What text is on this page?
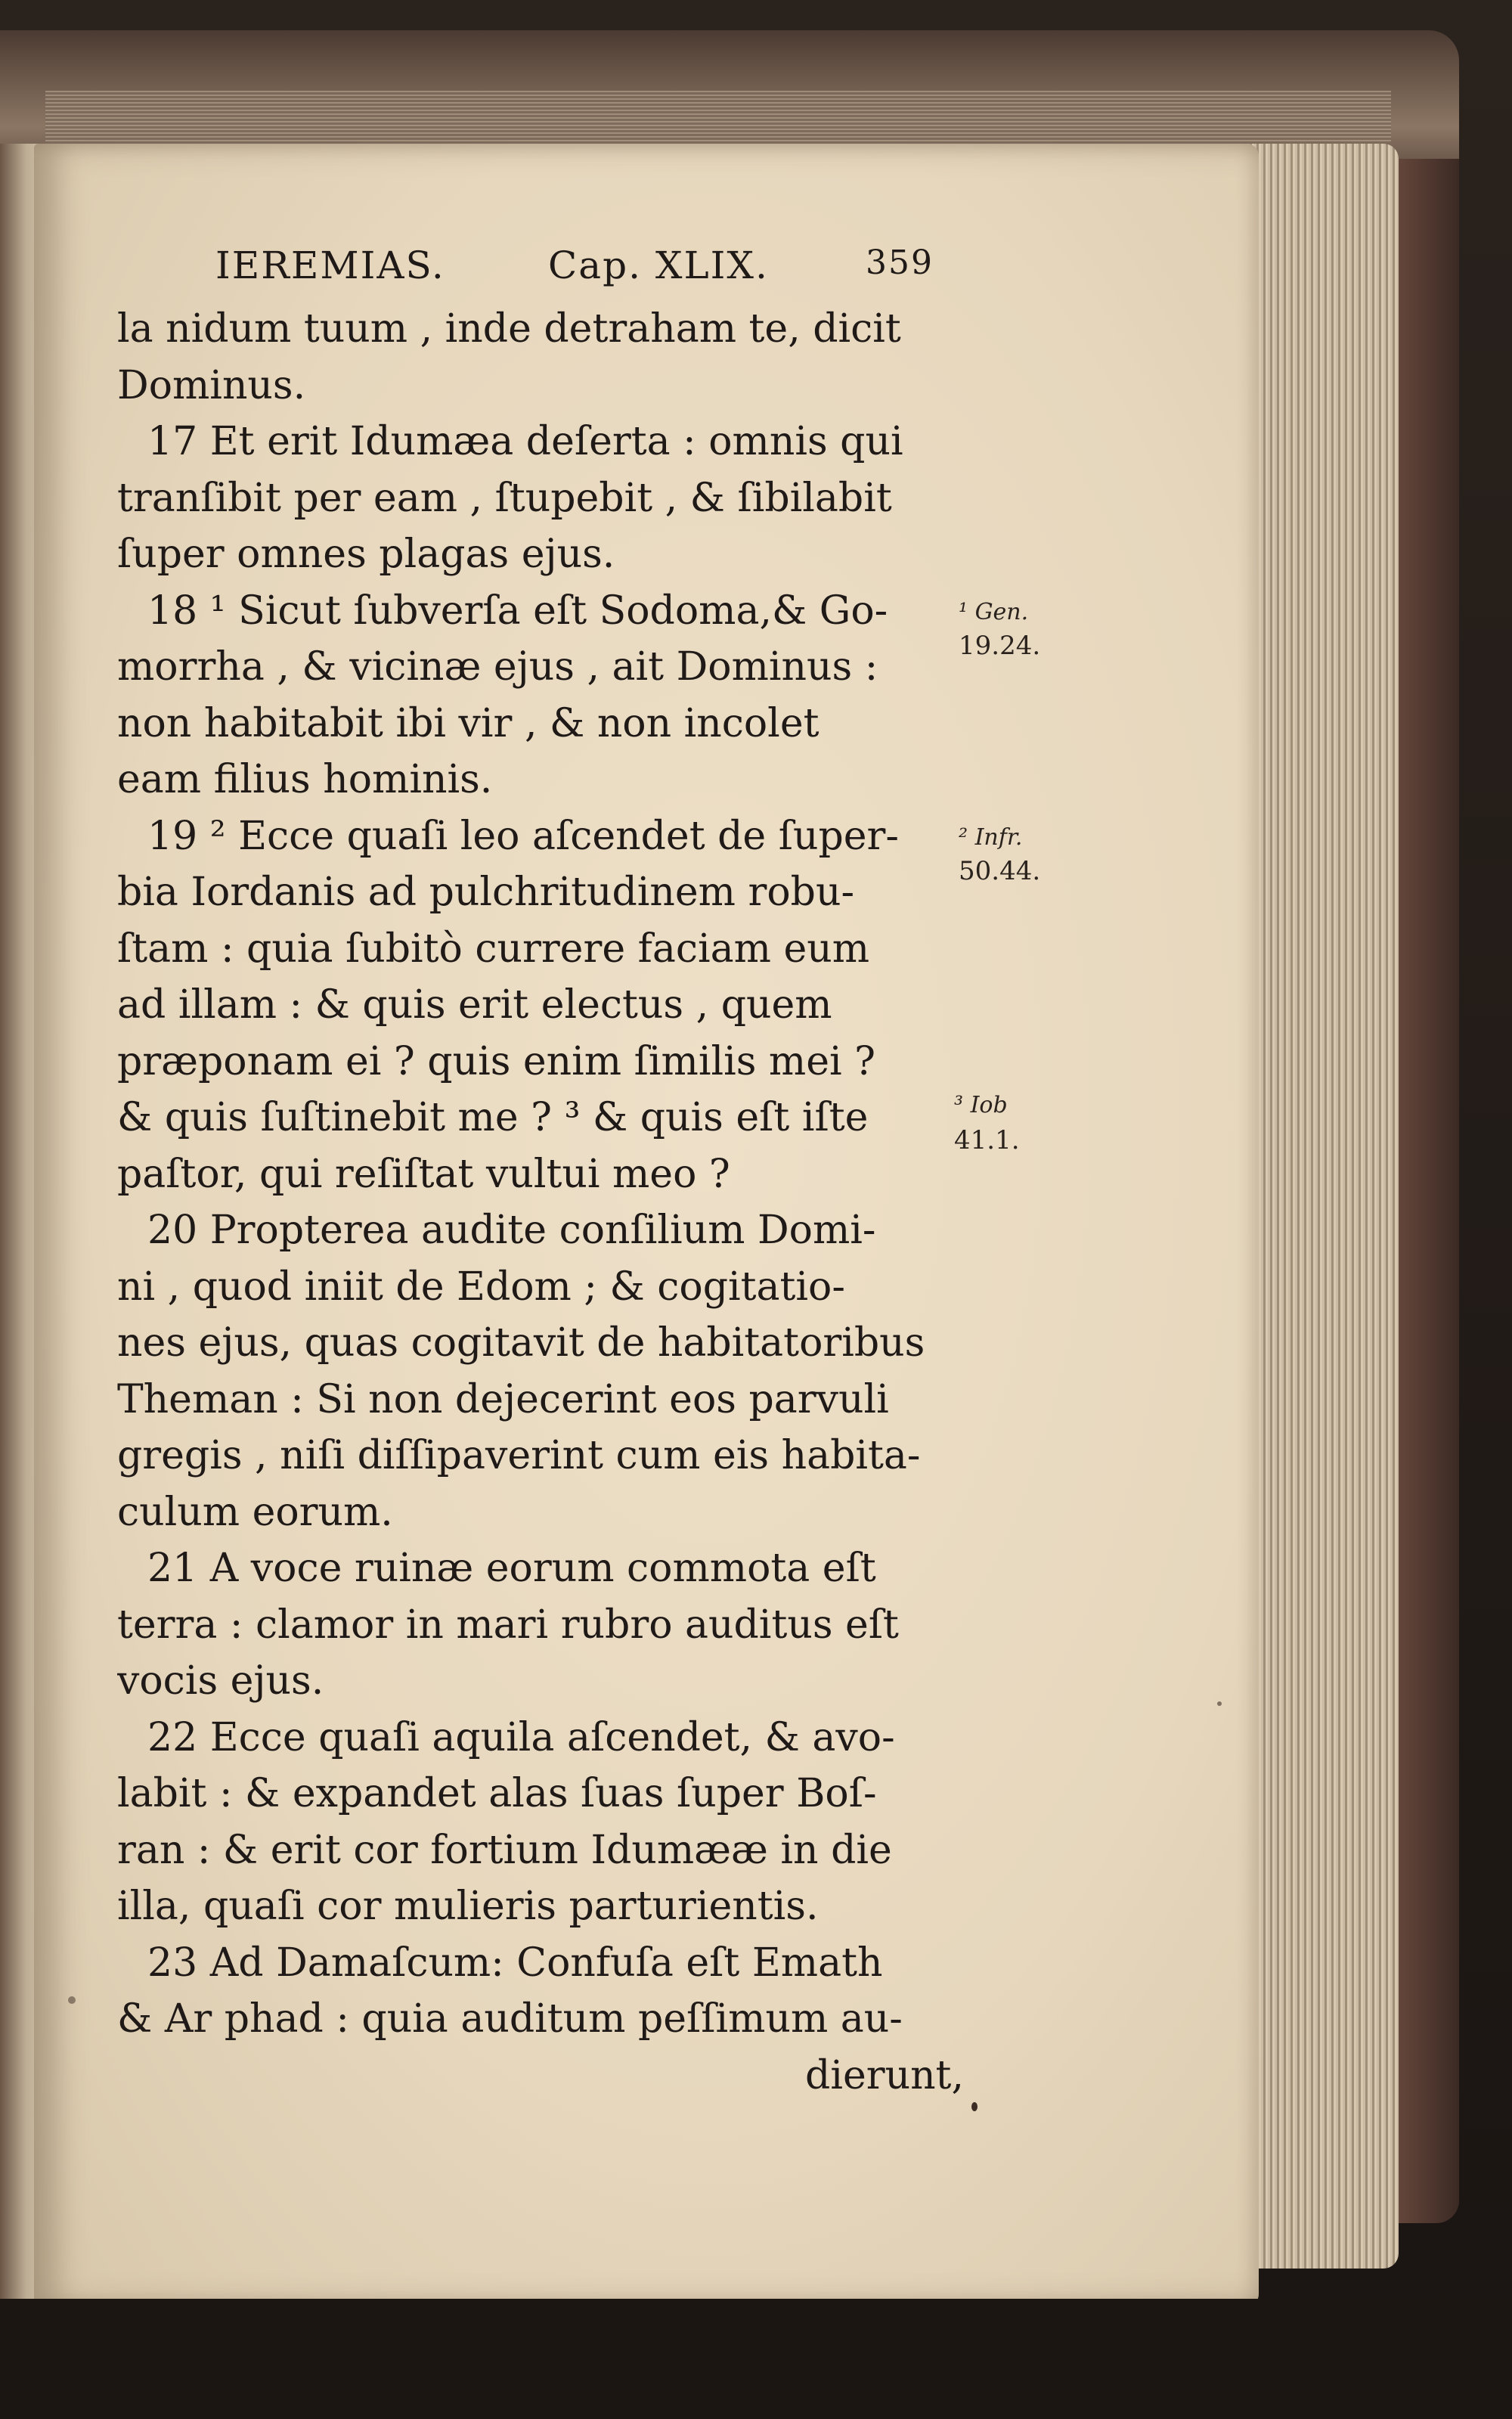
IEREMIAS.	Cap. XLIX.	359
la nidum tuum , inde detraham te, dicit
Dominus.
17 Et erit Idumæa deſerta : omnis qui
tranſibit per eam , ſtupebit , & ſibilabit
ſuper omnes plagas ejus.
18 ¹ Sicut ſubverſa eſt Sodoma,& Go-
morrha , & vicinæ ejus , ait Dominus :
non habitabit ibi vir , & non incolet
eam filius hominis.
19 ² Ecce quaſi leo aſcendet de ſuper-
bia Iordanis ad pulchritudinem robu-
ſtam : quia ſubitò currere faciam eum
ad illam : & quis erit electus , quem
præponam ei ? quis enim ſimilis mei ?
& quis ſuſtinebit me ? ³ & quis eſt iſte
paſtor, qui reſiſtat vultui meo ?
20 Propterea audite conſilium Domi-
ni , quod iniit de Edom ; & cogitatio-
nes ejus, quas cogitavit de habitatoribus
Theman : Si non dejecerint eos parvuli
gregis , niſi diſſipaverint cum eis habita-
culum eorum.
21 A voce ruinæ eorum commota eſt
terra : clamor in mari rubro auditus eſt
vocis ejus.
22 Ecce quaſi aquila aſcendet, & avo-
labit : & expandet alas ſuas ſuper Boſ-
ran : & erit cor fortium Idumææ in die
illa, quaſi cor mulieris parturientis.
23 Ad Damaſcum: Confuſa eſt Emath
& Ar phad : quia auditum peſſimum au-
dierunt,
¹ Gen.
19.24.
² Infr.
50.44.
³ Iob
41.1.
